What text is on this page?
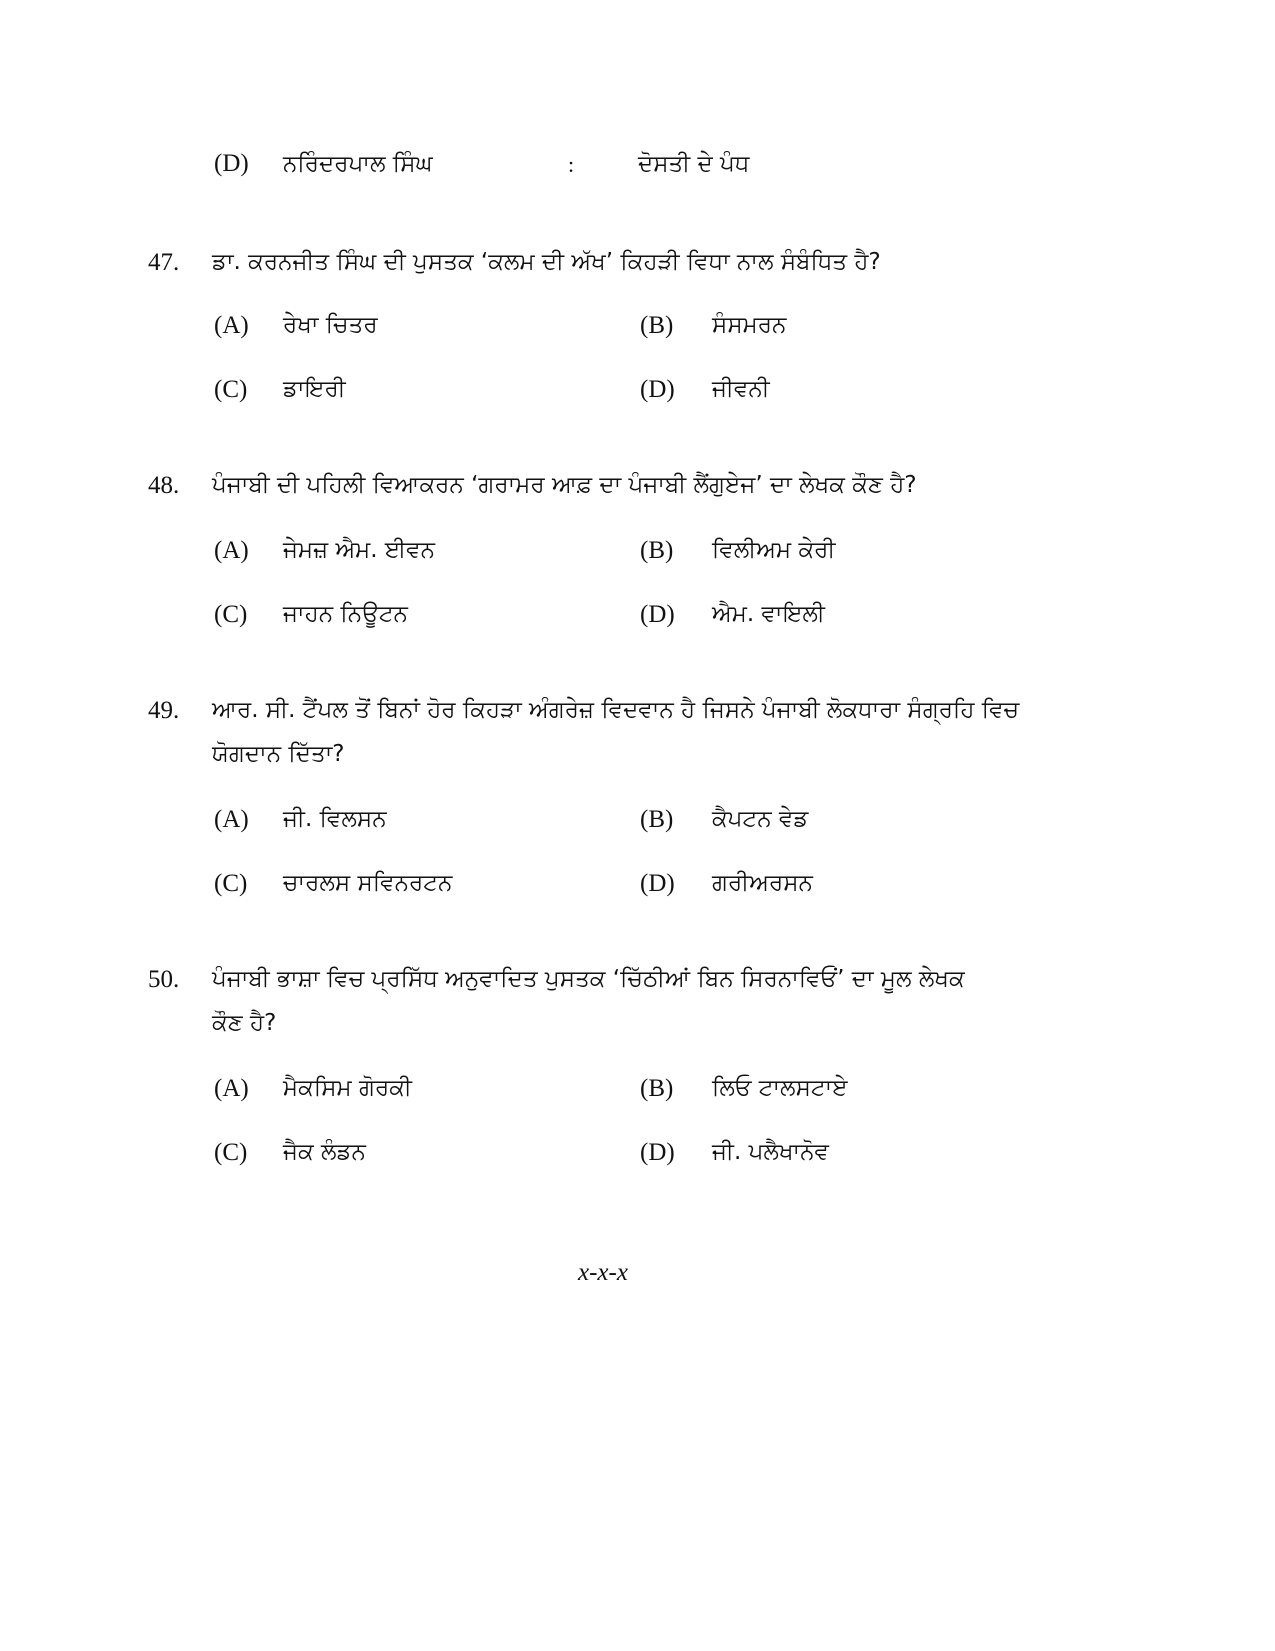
(D) ਨਰਿੰਦਰਪਾਲ ਸਿੰਘ	:	ਦੋਸਤੀ ਦੇ ਪੰਧ
47. ਡਾ. ਕਰਨਜੀਤ ਸਿੰਘ ਦੀ ਪੁਸਤਕ ‘ਕਲਮ ਦੀ ਅੱਖ’ ਕਿਹੜੀ ਵਿਧਾ ਨਾਲ ਸੰਬੰਧਿਤ ਹੈ?
(A) ਰੇਖਾ ਚਿਤਰ	(B) ਸੰਸਮਰਨ
(C) ਡਾਇਰੀ	(D) ਜੀਵਨੀ
48. ਪੰਜਾਬੀ ਦੀ ਪਹਿਲੀ ਵਿਆਕਰਨ ‘ਗਰਾਮਰ ਆਫ਼ ਦਾ ਪੰਜਾਬੀ ਲੈਂਗੁਏਜ’ ਦਾ ਲੇਖਕ ਕੌਣ ਹੈ?
(A) ਜੇਮਜ਼ ਐਮ. ਈਵਨ	(B) ਵਿਲੀਅਮ ਕੇਰੀ
(C) ਜਾਹਨ ਨਿਊਟਨ	(D) ਐਮ. ਵਾਇਲੀ
49. ਆਰ. ਸੀ. ਟੈਂਪਲ ਤੋਂ ਬਿਨਾਂ ਹੋਰ ਕਿਹੜਾ ਅੰਗਰੇਜ਼ ਵਿਦਵਾਨ ਹੈ ਜਿਸਨੇ ਪੰਜਾਬੀ ਲੋਕਧਾਰਾ ਸੰਗ੍ਰਹਿ ਵਿਚ
ਯੋਗਦਾਨ ਦਿੱਤਾ?
(A) ਜੀ. ਵਿਲਸਨ	(B) ਕੈਪਟਨ ਵੇਡ
(C) ਚਾਰਲਸ ਸਵਿਨਰਟਨ	(D) ਗਰੀਅਰਸਨ
50. ਪੰਜਾਬੀ ਭਾਸ਼ਾ ਵਿਚ ਪ੍ਰਸਿੱਧ ਅਨੁਵਾਦਿਤ ਪੁਸਤਕ ‘ਚਿੱਠੀਆਂ ਬਿਨ ਸਿਰਨਾਵਿਓਂ’ ਦਾ ਮੂਲ ਲੇਖਕ
ਕੌਣ ਹੈ?
(A) ਮੈਕਸਿਮ ਗੋਰਕੀ	(B) ਲਿਓ ਟਾਲਸਟਾਏ
(C) ਜੈਕ ਲੰਡਨ	(D) ਜੀ. ਪਲੈਖਾਨੋਵ
x-x-x
